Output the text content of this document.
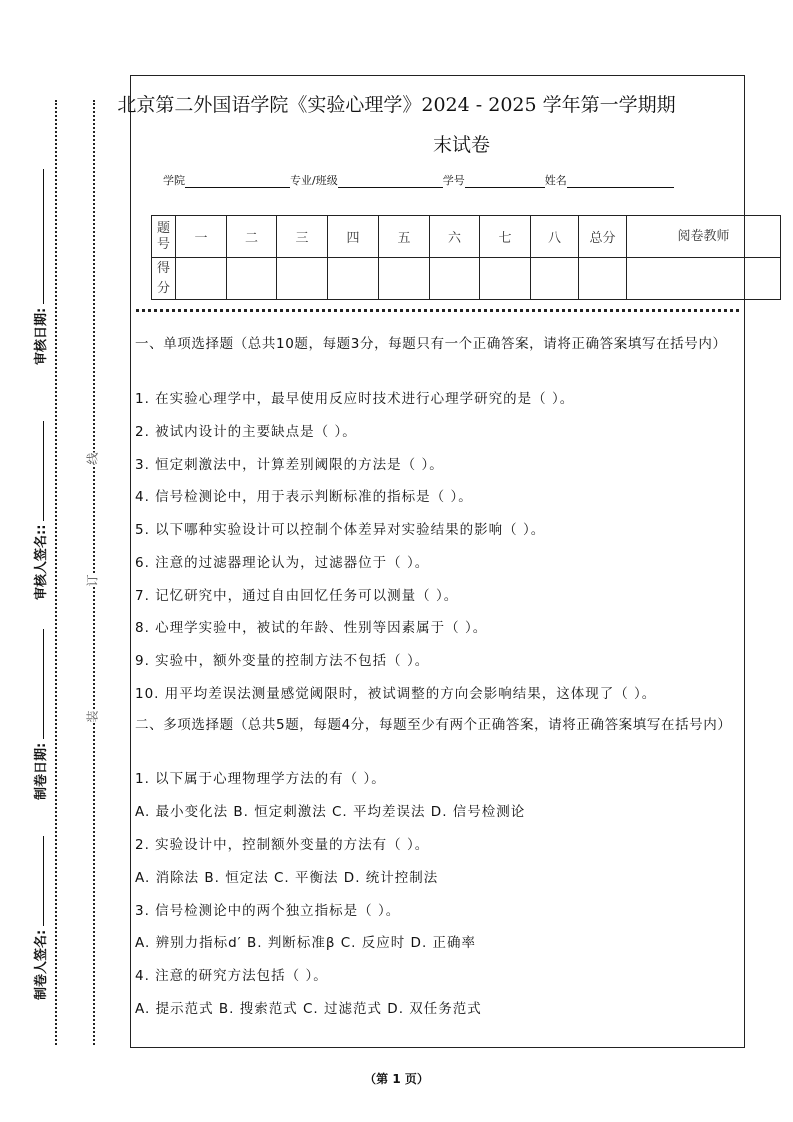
审核日期:
审核人签名::
制卷日期:
制卷人签名:
线
订
装
北京第二外国语学院《实验心理学》2024 - 2025 学年第一学期期
末试卷
学院	专业/班级	学号	姓名
题号	一	二	三	四	五	六	七	八	总分	阅卷教师
得分										
一、单项选择题（总共10题，每题3分，每题只有一个正确答案，请将正确答案填写在括号内）
1. 在实验心理学中，最早使用反应时技术进行心理学研究的是（ ）。
2. 被试内设计的主要缺点是（ ）。
3. 恒定刺激法中，计算差别阈限的方法是（ ）。
4. 信号检测论中，用于表示判断标准的指标是（ ）。
5. 以下哪种实验设计可以控制个体差异对实验结果的影响（ ）。
6. 注意的过滤器理论认为，过滤器位于（ ）。
7. 记忆研究中，通过自由回忆任务可以测量（ ）。
8. 心理学实验中，被试的年龄、性别等因素属于（ ）。
9. 实验中，额外变量的控制方法不包括（ ）。
10. 用平均差误法测量感觉阈限时，被试调整的方向会影响结果，这体现了（ ）。
二、多项选择题（总共5题，每题4分，每题至少有两个正确答案，请将正确答案填写在括号内）
1. 以下属于心理物理学方法的有（ ）。
A. 最小变化法 B. 恒定刺激法 C. 平均差误法 D. 信号检测论
2. 实验设计中，控制额外变量的方法有（ ）。
A. 消除法 B. 恒定法 C. 平衡法 D. 统计控制法
3. 信号检测论中的两个独立指标是（ ）。
A. 辨别力指标d′ B. 判断标准β C. 反应时 D. 正确率
4. 注意的研究方法包括（ ）。
A. 提示范式 B. 搜索范式 C. 过滤范式 D. 双任务范式
（第 1 页）
